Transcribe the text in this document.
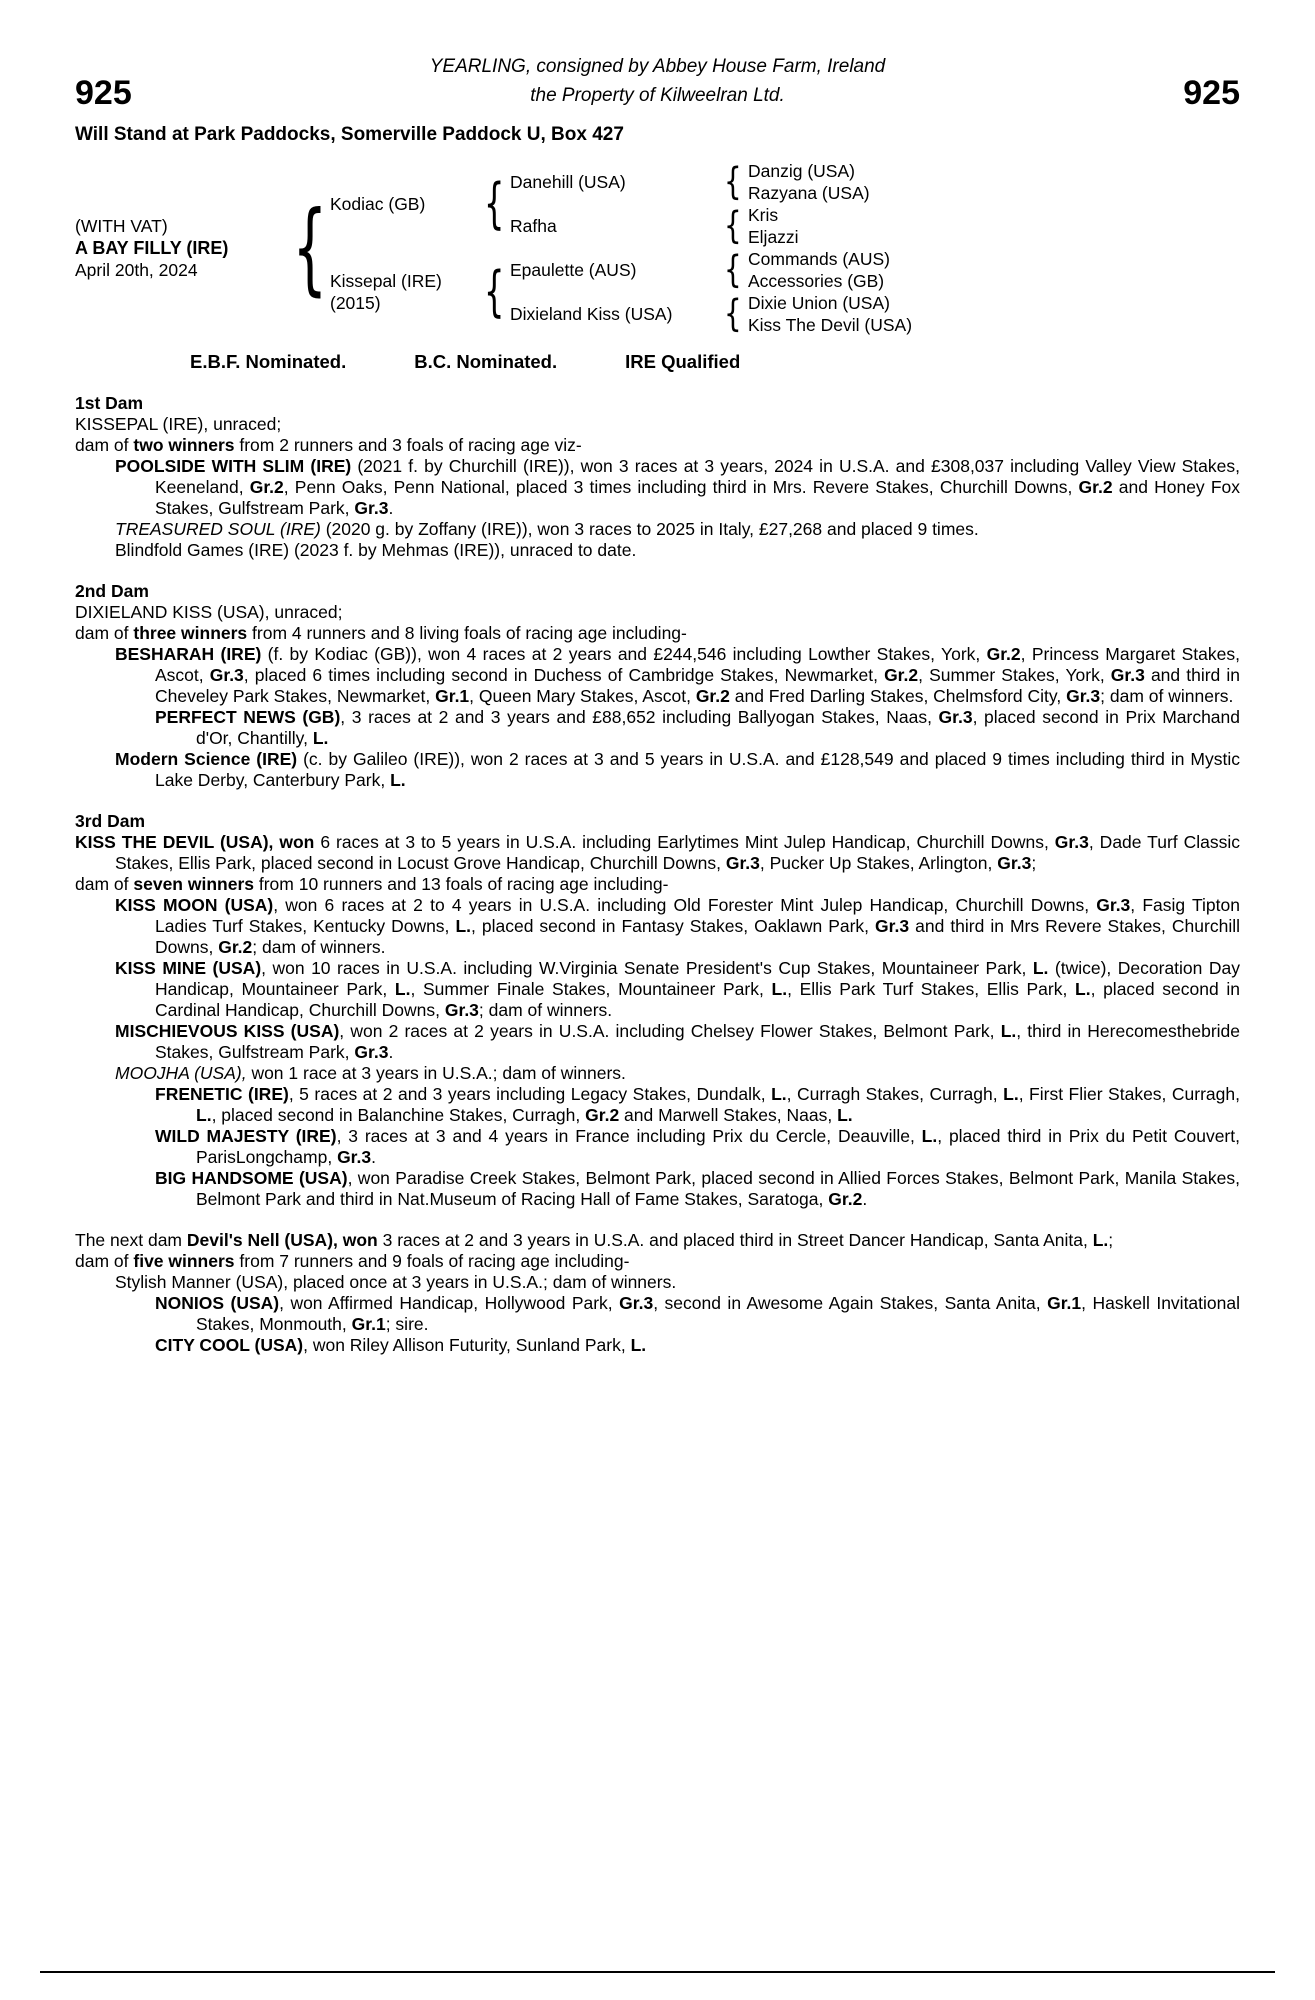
925
YEARLING, consigned by Abbey House Farm, Ireland
the Property of Kilweelran Ltd.	925
Will Stand at Park Paddocks, Somerville Paddock U, Box 427
(WITH VAT)
A BAY FILLY (IRE)
April 20th, 2024 { Kodiac (GB)
Kissepal (IRE)
(2015)
{
{
Danehill (USA)
Rafha
Epaulette (AUS)
Dixieland Kiss (USA)
{
{
{
{
Danzig (USA)
Razyana (USA)
Kris
Eljazzi
Commands (AUS)
Accessories (GB)
Dixie Union (USA)
Kiss The Devil (USA)
E.B.F. Nominated.	B.C. Nominated.	IRE Qualified

1st Dam

KISSEPAL (IRE), unraced;

dam of two winners from 2 runners and 3 foals of racing age viz-

POOLSIDE WITH SLIM (IRE) (2021 f. by Churchill (IRE)), won 3 races at 3 years, 2024 in U.S.A. and £308,037 including Valley View Stakes, Keeneland, Gr.2, Penn Oaks, Penn National, placed 3 times including third in Mrs. Revere Stakes, Churchill Downs, Gr.2 and Honey Fox Stakes, Gulfstream Park, Gr.3.

TREASURED SOUL (IRE) (2020 g. by Zoffany (IRE)), won 3 races to 2025 in Italy, £27,268 and placed 9 times.

Blindfold Games (IRE) (2023 f. by Mehmas (IRE)), unraced to date.

2nd Dam

DIXIELAND KISS (USA), unraced;

dam of three winners from 4 runners and 8 living foals of racing age including-

BESHARAH (IRE) (f. by Kodiac (GB)), won 4 races at 2 years and £244,546 including Lowther Stakes, York, Gr.2, Princess Margaret Stakes, Ascot, Gr.3, placed 6 times including second in Duchess of Cambridge Stakes, Newmarket, Gr.2, Summer Stakes, York, Gr.3 and third in Cheveley Park Stakes, Newmarket, Gr.1, Queen Mary Stakes, Ascot, Gr.2 and Fred Darling Stakes, Chelmsford City, Gr.3; dam of winners.

PERFECT NEWS (GB), 3 races at 2 and 3 years and £88,652 including Ballyogan Stakes, Naas, Gr.3, placed second in Prix Marchand d'Or, Chantilly, L.

Modern Science (IRE) (c. by Galileo (IRE)), won 2 races at 3 and 5 years in U.S.A. and £128,549 and placed 9 times including third in Mystic Lake Derby, Canterbury Park, L.

3rd Dam

KISS THE DEVIL (USA), won 6 races at 3 to 5 years in U.S.A. including Earlytimes Mint Julep Handicap, Churchill Downs, Gr.3, Dade Turf Classic Stakes, Ellis Park, placed second in Locust Grove Handicap, Churchill Downs, Gr.3, Pucker Up Stakes, Arlington, Gr.3;

dam of seven winners from 10 runners and 13 foals of racing age including-

KISS MOON (USA), won 6 races at 2 to 4 years in U.S.A. including Old Forester Mint Julep Handicap, Churchill Downs, Gr.3, Fasig Tipton Ladies Turf Stakes, Kentucky Downs, L., placed second in Fantasy Stakes, Oaklawn Park, Gr.3 and third in Mrs Revere Stakes, Churchill Downs, Gr.2; dam of winners.

KISS MINE (USA), won 10 races in U.S.A. including W.Virginia Senate President's Cup Stakes, Mountaineer Park, L. (twice), Decoration Day Handicap, Mountaineer Park, L., Summer Finale Stakes, Mountaineer Park, L., Ellis Park Turf Stakes, Ellis Park, L., placed second in Cardinal Handicap, Churchill Downs, Gr.3; dam of winners.

MISCHIEVOUS KISS (USA), won 2 races at 2 years in U.S.A. including Chelsey Flower Stakes, Belmont Park, L., third in Herecomesthebride Stakes, Gulfstream Park, Gr.3.

MOOJHA (USA), won 1 race at 3 years in U.S.A.; dam of winners.

FRENETIC (IRE), 5 races at 2 and 3 years including Legacy Stakes, Dundalk, L., Curragh Stakes, Curragh, L., First Flier Stakes, Curragh, L., placed second in Balanchine Stakes, Curragh, Gr.2 and Marwell Stakes, Naas, L.

WILD MAJESTY (IRE), 3 races at 3 and 4 years in France including Prix du Cercle, Deauville, L., placed third in Prix du Petit Couvert, ParisLongchamp, Gr.3.

BIG HANDSOME (USA), won Paradise Creek Stakes, Belmont Park, placed second in Allied Forces Stakes, Belmont Park, Manila Stakes, Belmont Park and third in Nat.Museum of Racing Hall of Fame Stakes, Saratoga, Gr.2.

The next dam Devil's Nell (USA), won 3 races at 2 and 3 years in U.S.A. and placed third in Street Dancer Handicap, Santa Anita, L.;

dam of five winners from 7 runners and 9 foals of racing age including-

Stylish Manner (USA), placed once at 3 years in U.S.A.; dam of winners.

NONIOS (USA), won Affirmed Handicap, Hollywood Park, Gr.3, second in Awesome Again Stakes, Santa Anita, Gr.1, Haskell Invitational Stakes, Monmouth, Gr.1; sire.

CITY COOL (USA), won Riley Allison Futurity, Sunland Park, L.
